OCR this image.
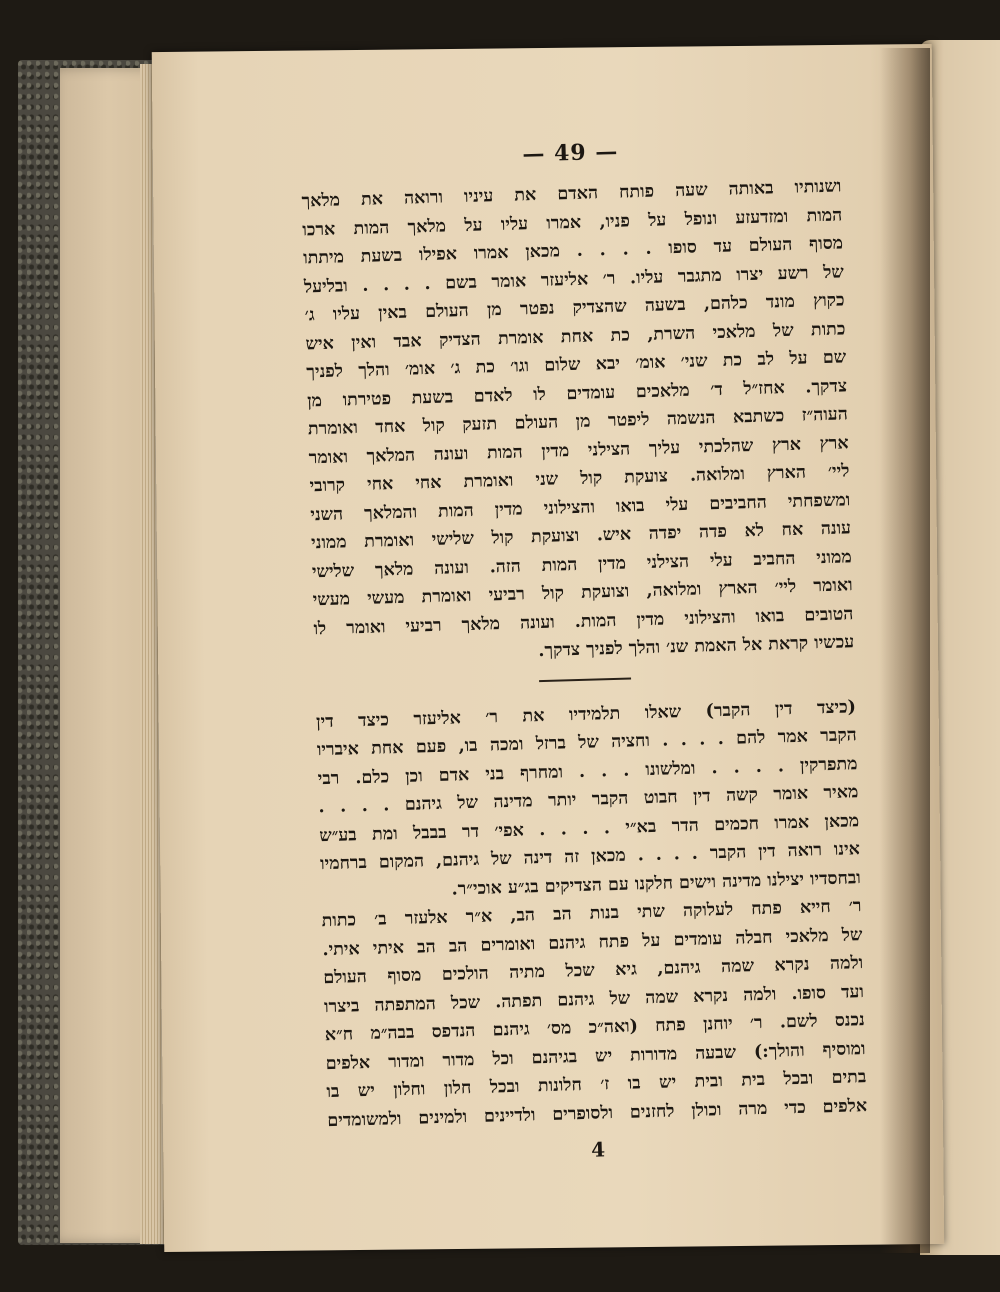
— 49 —
ושנותיו באותה שעה פותח האדם את עיניו ורואה את מלאך
המות ומזדעזע ונופל על פניו, אמרו עליו על מלאך המות ארכו
מסוף העולם עד סופו . . . . מכאן אמרו אפילו בשעת מיתתו
של רשע יצרו מתגבר עליו. ר׳ אליעזר אומר בשם . . . . ובליעל
כקוץ מונד כלהם, בשעה שהצדיק נפטר מן העולם באין עליו ג׳
כתות של מלאכי השרת, כת אחת אומרת הצדיק אבד ואין איש
שם על לב כת שני׳ אומ׳ יבא שלום וגו׳ כת ג׳ אומ׳ והלך לפניך
צדקך. אחז״ל ד׳ מלאכים עומדים לו לאדם בשעת פטירתו מן
העוה״ז כשתבא הנשמה ליפטר מן העולם תזעק קול אחד ואומרת
ארץ ארץ שהלכתי עליך הצילני מדין המות ועונה המלאך ואומר
ליי׳ הארץ ומלואה. צועקת קול שני ואומרת אחי אחי קרובי
ומשפחתי החביבים עלי בואו והצילוני מדין המות והמלאך השני
עונה אח לא פדה יפדה איש. וצועקת קול שלישי ואומרת ממוני
ממוני החביב עלי הצילני מדין המות הזה. ועונה מלאך שלישי
ואומר ליי׳ הארץ ומלואה, וצועקת קול רביעי ואומרת מעשי מעשי
הטובים בואו והצילוני מדין המות. ועונה מלאך רביעי ואומר לו
עכשיו קראת אל האמת שנ׳ והלך לפניך צדקך.
(כיצד דין הקבר) שאלו תלמידיו את ר׳ אליעזר כיצד דין
הקבר אמר להם . . . . וחציה של ברזל ומכה בו, פעם אחת איבריו
מתפרקין . . . . ומלשונו . . . ומחרף בני אדם וכן כלם. רבי
מאיר אומר קשה דין חבוט הקבר יותר מדינה של גיהנם . . . .
מכאן אמרו חכמים הדר בא״י . . . . אפי׳ דר בבבל ומת בע״ש
אינו רואה דין הקבר . . . . מכאן זה דינה של גיהנם, המקום ברחמיו
ובחסדיו יצילנו מדינה וישים חלקנו עם הצדיקים בג״ע אוכי״ר.
ר׳ חייא פתח לעלוקה שתי בנות הב הב, א״ר אלעזר ב׳ כתות
של מלאכי חבלה עומדים על פתח גיהנם ואומרים הב הב איתי איתי.
ולמה נקרא שמה גיהנם, גיא שכל מתיה הולכים מסוף העולם
ועד סופו. ולמה נקרא שמה של גיהנם תפתה. שכל המתפתה ביצרו
נכנס לשם. ר׳ יוחנן פתח (ואה״כ מס׳ גיהנם הנדפס בבה״מ ח״א
ומוסיף והולך:) שבעה מדורות יש בגיהנם וכל מדור ומדור אלפים
בתים ובכל בית ובית יש בו ז׳ חלונות ובכל חלון וחלון יש בו
אלפים כדי מרה וכולן לחזנים ולסופרים ולדיינים ולמינים ולמשומדים
4
